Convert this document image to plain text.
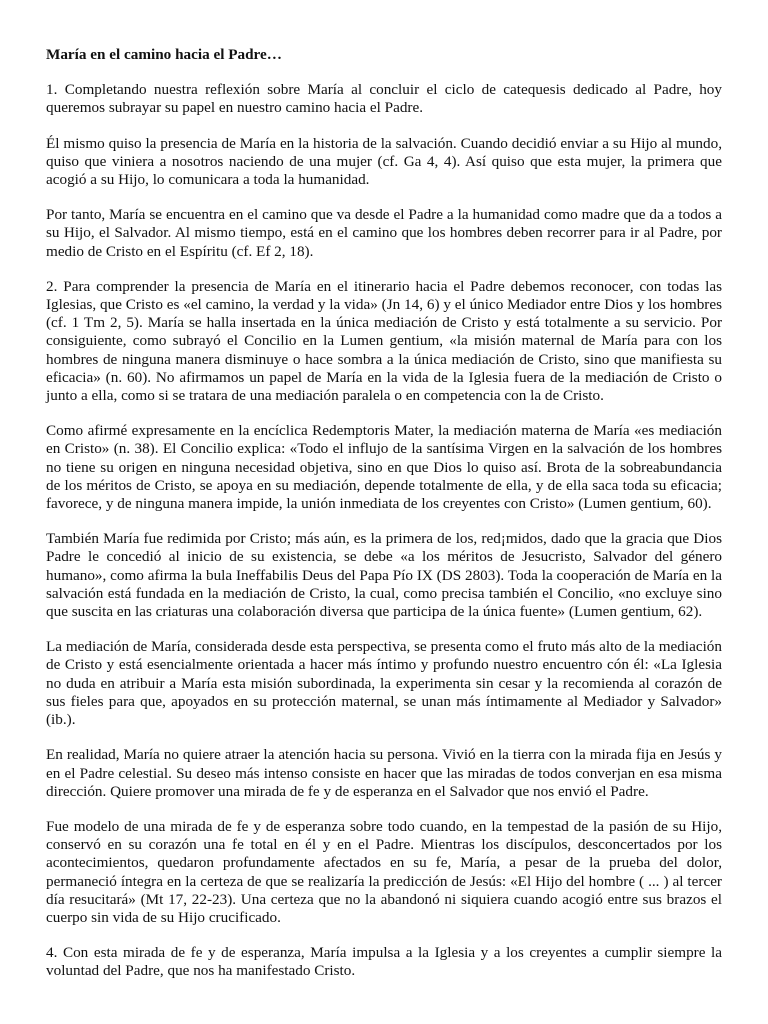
María en el camino hacia el Padre…

1. Completando nuestra reflexión sobre María al concluir el ciclo de catequesis dedicado al Padre, hoy queremos subrayar su papel en nuestro camino hacia el Padre.

Él mismo quiso la presencia de María en la historia de la salvación. Cuando decidió enviar a su Hijo al mundo, quiso que viniera a nosotros naciendo de una mujer (cf. Ga 4, 4). Así quiso que esta mujer, la primera que acogió a su Hijo, lo comunicara a toda la humanidad.

Por tanto, María se encuentra en el camino que va desde el Padre a la humanidad como madre que da a todos a su Hijo, el Salvador. Al mismo tiempo, está en el camino que los hombres deben recorrer para ir al Padre, por medio de Cristo en el Espíritu (cf. Ef 2, 18).

2. Para comprender la presencia de María en el itinerario hacia el Padre debemos reconocer, con todas las Iglesias, que Cristo es «el camino, la verdad y la vida» (Jn 14, 6) y el único Mediador entre Dios y los hombres (cf. 1 Tm 2, 5). María se halla insertada en la única mediación de Cristo y está totalmente a su servicio. Por consiguiente, como subrayó el Concilio en la Lumen gentium, «la misión maternal de María para con los hombres de ninguna manera disminuye o hace sombra a la única mediación de Cristo, sino que manifiesta su eficacia» (n. 60). No afirmamos un papel de María en la vida de la Iglesia fuera de la mediación de Cristo o junto a ella, como si se tratara de una mediación paralela o en competencia con la de Cristo.

Como afirmé expresamente en la encíclica Redemptoris Mater, la mediación materna de María «es mediación en Cristo» (n. 38). El Concilio explica: «Todo el influjo de la santísima Virgen en la salvación de los hombres no tiene su origen en ninguna necesidad objetiva, sino en que Dios lo quiso así. Brota de la sobreabundancia de los méritos de Cristo, se apoya en su mediación, depende totalmente de ella, y de ella saca toda su eficacia; favorece, y de ninguna manera impide, la unión inmediata de los creyentes con Cristo» (Lumen gentium, 60).

También María fue redimida por Cristo; más aún, es la primera de los, red¡midos, dado que la gracia que Dios Padre le concedió al inicio de su existencia, se debe «a los méritos de Jesucristo, Salvador del género humano», como afirma la bula Ineffabilis Deus del Papa Pío IX (DS 2803). Toda la cooperación de María en la salvación está fundada en la mediación de Cristo, la cual, como precisa también el Concilio, «no excluye sino que suscita en las criaturas una colaboración diversa que participa de la única fuente» (Lumen gentium, 62).

La mediación de María, considerada desde esta perspectiva, se presenta como el fruto más alto de la mediación de Cristo y está esencialmente orientada a hacer más íntimo y profundo nuestro encuentro cón él: «La Iglesia no duda en atribuir a María esta misión subordinada, la experimenta sin cesar y la recomienda al corazón de sus fieles para que, apoyados en su protección maternal, se unan más íntimamente al Mediador y Salvador» (ib.).

En realidad, María no quiere atraer la atención hacia su persona. Vivió en la tierra con la mirada fija en Jesús y en el Padre celestial. Su deseo más intenso consiste en hacer que las miradas de todos converjan en esa misma dirección. Quiere promover una mirada de fe y de esperanza en el Salvador que nos envió el Padre.

Fue modelo de una mirada de fe y de esperanza sobre todo cuando, en la tempestad de la pasión de su Hijo, conservó en su corazón una fe total en él y en el Padre. Mientras los discípulos, desconcertados por los acontecimientos, quedaron profundamente afectados en su fe, María, a pesar de la prueba del dolor, permaneció íntegra en la certeza de que se realizaría la predicción de Jesús: «El Hijo del hombre ( ... ) al tercer día resucitará» (Mt 17, 22-23). Una certeza que no la abandonó ni siquiera cuando acogió entre sus brazos el cuerpo sin vida de su Hijo crucificado.

4. Con esta mirada de fe y de esperanza, María impulsa a la Iglesia y a los creyentes a cumplir siempre la voluntad del Padre, que nos ha manifestado Cristo.
